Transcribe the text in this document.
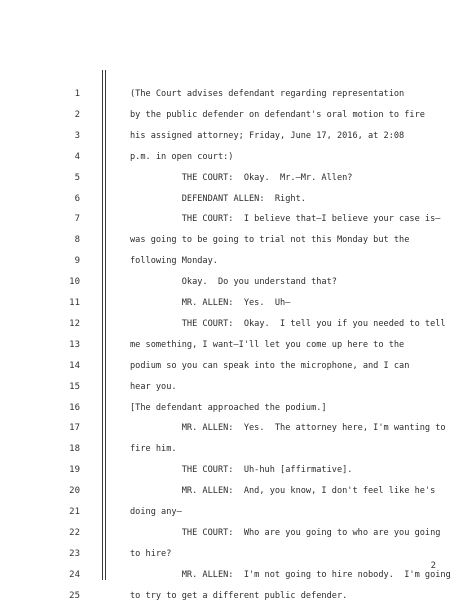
1	(The Court advises defendant regarding representation
2	by the public defender on defendant's oral motion to fire
3	his assigned attorney; Friday, June 17, 2016, at 2:08
4	p.m. in open court:)
5	THE COURT:  Okay.  Mr.—Mr. Allen?
6	DEFENDANT ALLEN:  Right.
7	THE COURT:  I believe that—I believe your case is—
8	was going to be going to trial not this Monday but the
9	following Monday.
10	Okay.  Do you understand that?
11	MR. ALLEN:  Yes.  Uh—
12	THE COURT:  Okay.  I tell you if you needed to tell
13	me something, I want—I'll let you come up here to the
14	podium so you can speak into the microphone, and I can
15	hear you.
16	[The defendant approached the podium.]
17	MR. ALLEN:  Yes.  The attorney here, I'm wanting to
18	fire him.
19	THE COURT:  Uh-huh [affirmative].
20	MR. ALLEN:  And, you know, I don't feel like he's
21	doing any—
22	THE COURT:  Who are you going to who are you going
23	to hire?
24	MR. ALLEN:  I'm not going to hire nobody.  I'm going
25	to try to get a different public defender.
2
